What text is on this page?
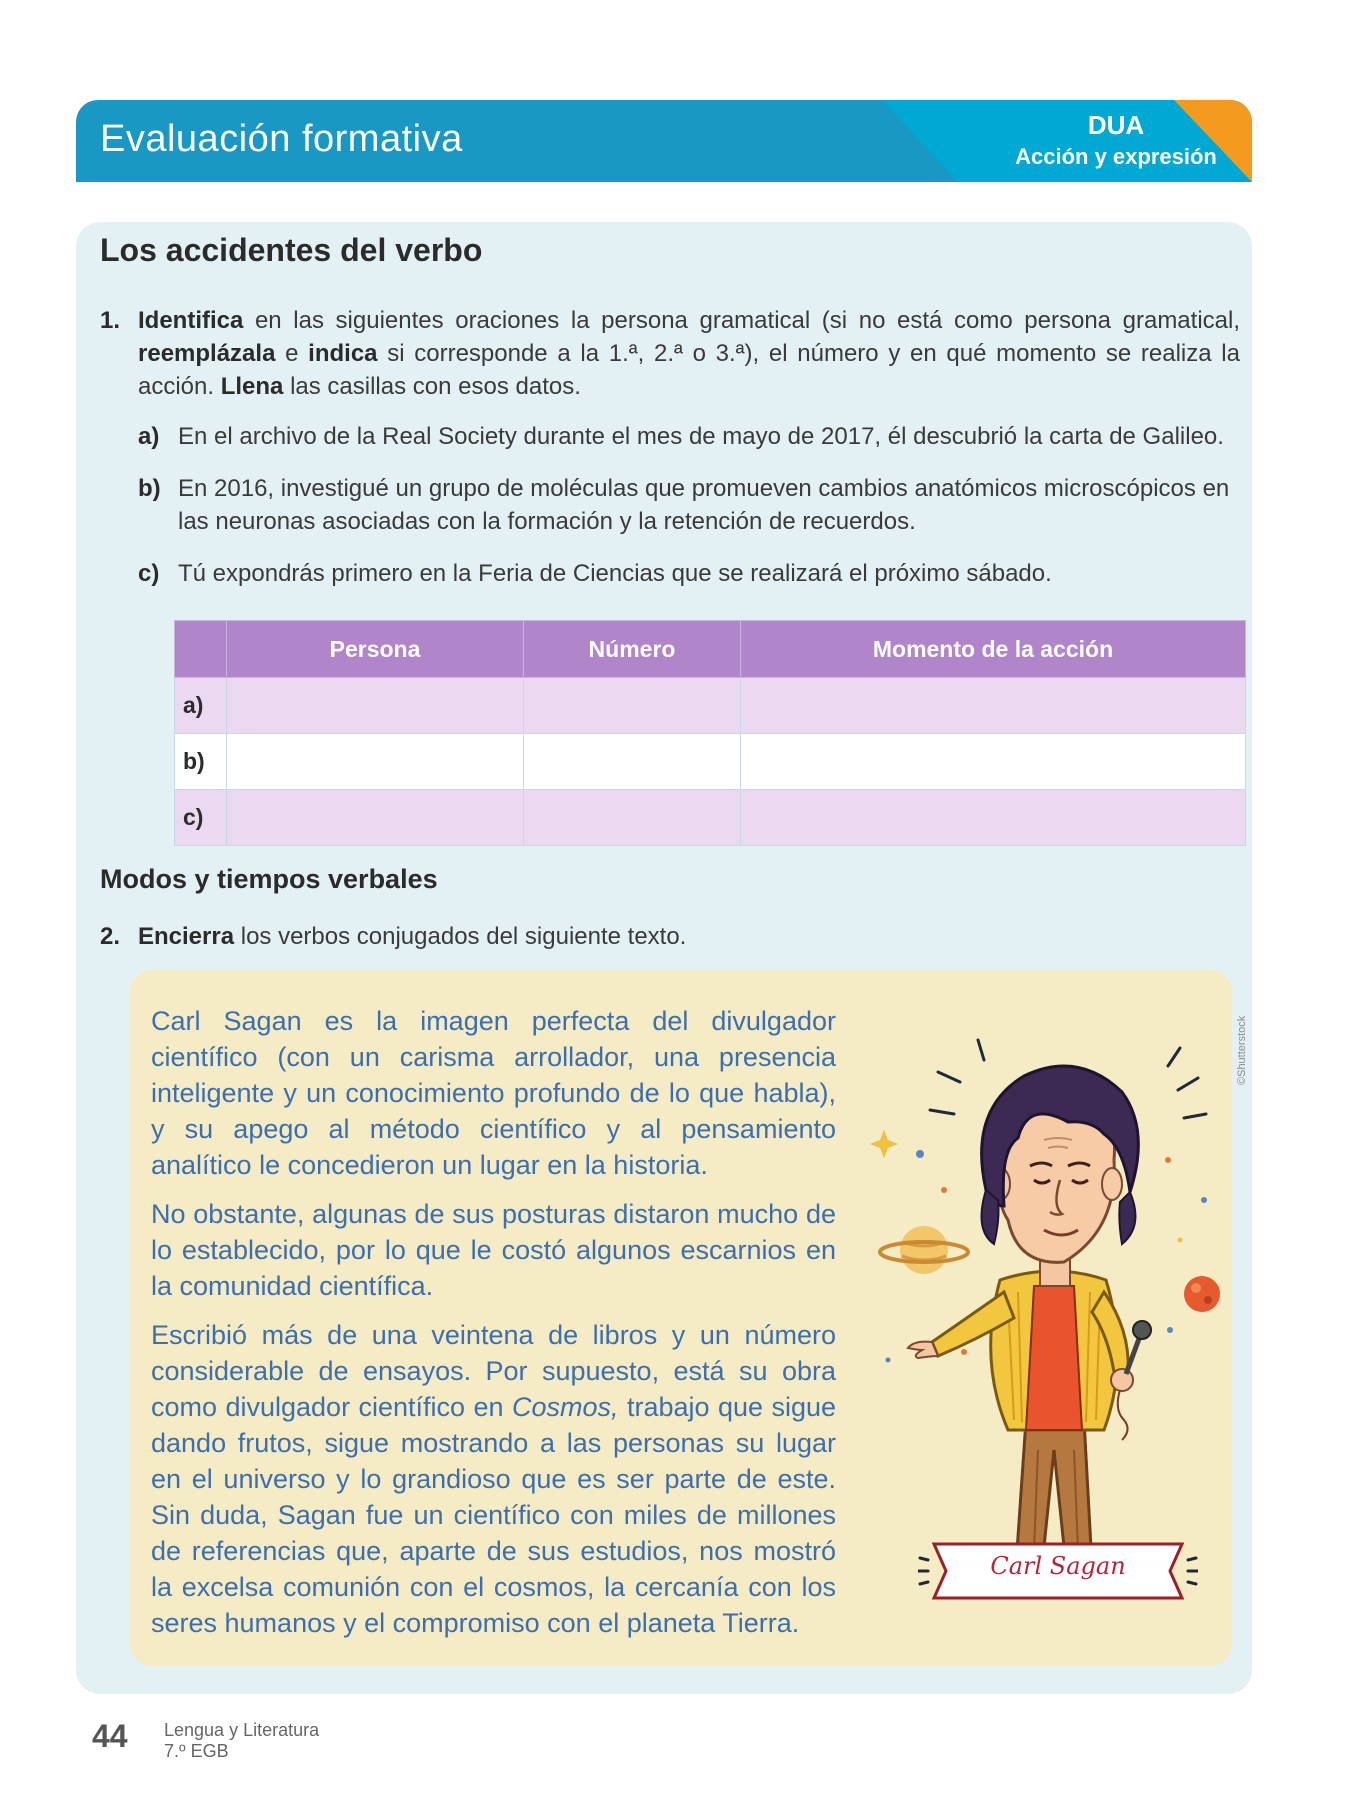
Evaluación formativa	DUA
Acción y expresión
Los accidentes del verbo
1. Identifica en las siguientes oraciones la persona gramatical (si no está como persona gramatical, reemplázala e indica si corresponde a la 1.ª, 2.ª o 3.ª), el número y en qué momento se realiza la acción. Llena las casillas con esos datos.
a) En el archivo de la Real Society durante el mes de mayo de 2017, él descubrió la carta de Galileo.
b) En 2016, investigué un grupo de moléculas que promueven cambios anatómicos microscópicos en las neuronas asociadas con la formación y la retención de recuerdos.
c) Tú expondrás primero en la Feria de Ciencias que se realizará el próximo sábado.
	Persona	Número	Momento de la acción
a)			
b)			
c)			
Modos y tiempos verbales
2. Encierra los verbos conjugados del siguiente texto.

Carl Sagan es la imagen perfecta del divulgador científico (con un carisma arrollador, una presencia inteligente y un conocimiento profundo de lo que habla), y su apego al método científico y al pensamiento analítico le concedieron un lugar en la historia.

No obstante, algunas de sus posturas distaron mucho de lo establecido, por lo que le costó algunos escarnios en la comunidad científica.

Escribió más de una veintena de libros y un número considerable de ensayos. Por supuesto, está su obra como divulgador científico en Cosmos, trabajo que sigue dando frutos, sigue mostrando a las personas su lugar en el universo y lo grandioso que es ser parte de este. Sin duda, Sagan fue un científico con miles de millones de referencias que, aparte de sus estudios, nos mostró la excelsa comunión con el cosmos, la cercanía con los seres humanos y el compromiso con el planeta Tierra.

©Shutterstock
Carl Sagan
44 Lengua y Literatura
7.º EGB
